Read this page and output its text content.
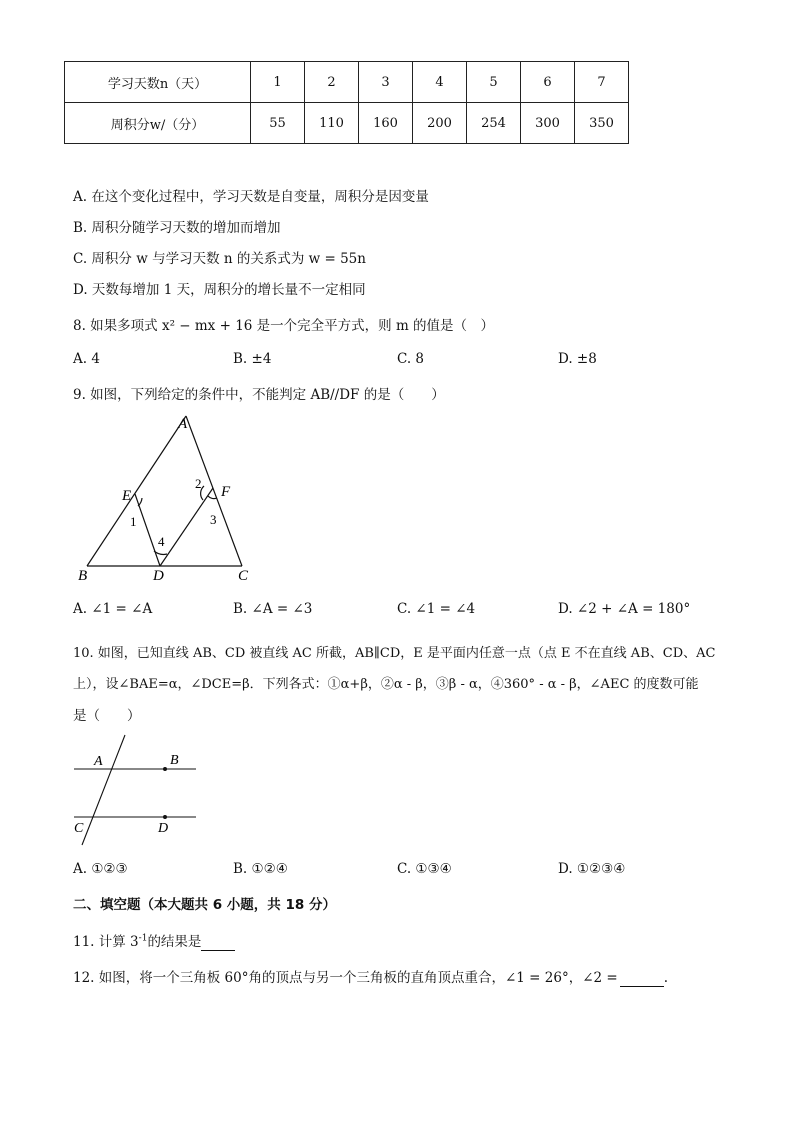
学习天数n（天）	1	2	3	4	5	6	7
周积分w/（分）	55	110	160	200	254	300	350
A. 在这个变化过程中，学习天数是自变量，周积分是因变量
B. 周积分随学习天数的增加而增加
C. 周积分 w 与学习天数 n 的关系式为 w = 55n
D. 天数每增加 1 天，周积分的增长量不一定相同
8. 如果多项式 x² − mx + 16 是一个完全平方式，则 m 的值是（　）
A. 4	B. ±4	C. 8	D. ±8
9. 如图，下列给定的条件中，不能判定 AB//DF 的是（　　）
A
B	C
D
E	F
1
2
3
4
A. ∠1 = ∠A	B. ∠A = ∠3	C. ∠1 = ∠4	D. ∠2 + ∠A = 180°
10. 如图，已知直线 AB、CD 被直线 AC 所截，AB∥CD，E 是平面内任意一点（点 E 不在直线 AB、CD、AC
上），设∠BAE=α，∠DCE=β．下列各式：①α+β，②α - β，③β - α，④360° - α - β，∠AEC 的度数可能
是（　　）
A	B
C	D
A. ①②③	B. ①②④	C. ①③④	D. ①②③④
二、填空题（本大题共 6 小题，共 18 分）
11. 计算 $3^{-1}$的结果是
12. 如图，将一个三角板 60°角的顶点与另一个三角板的直角顶点重合，∠1 = 26°，∠2 =	.
